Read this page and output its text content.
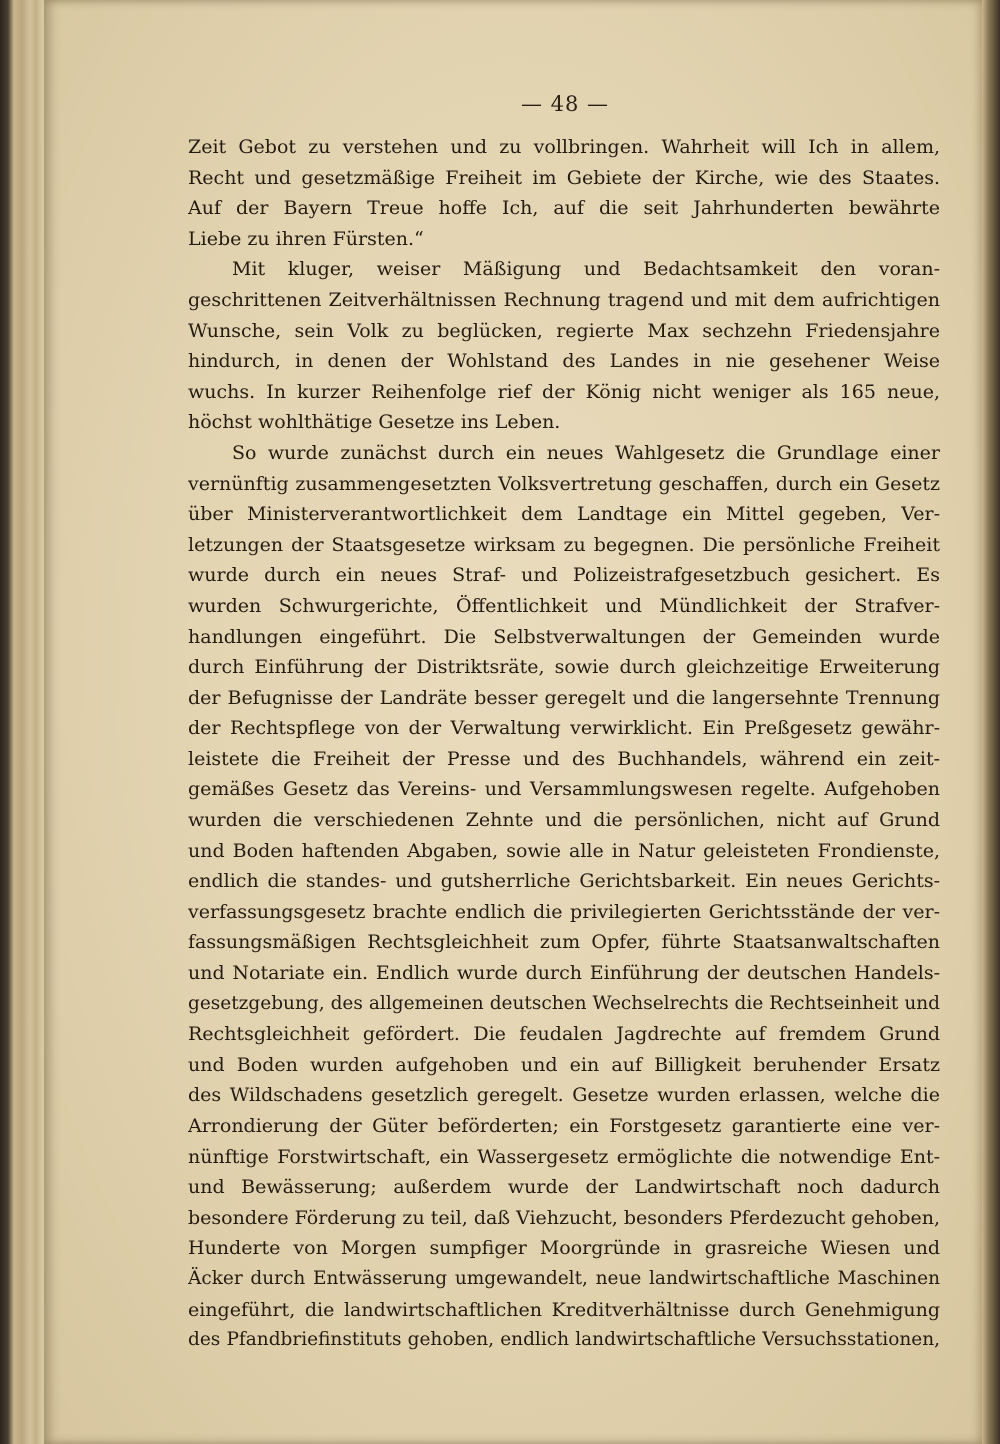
— 48 —
Zeit Gebot zu verstehen und zu vollbringen. Wahrheit will Ich in allem,
Recht und gesetzmäßige Freiheit im Gebiete der Kirche, wie des Staates.
Auf der Bayern Treue hoffe Ich, auf die seit Jahrhunderten bewährte
Liebe zu ihren Fürsten.“
Mit kluger, weiser Mäßigung und Bedachtsamkeit den voran-
geschrittenen Zeitverhältnissen Rechnung tragend und mit dem aufrichtigen
Wunsche, sein Volk zu beglücken, regierte Max sechzehn Friedensjahre
hindurch, in denen der Wohlstand des Landes in nie gesehener Weise
wuchs. In kurzer Reihenfolge rief der König nicht weniger als 165 neue,
höchst wohlthätige Gesetze ins Leben.
So wurde zunächst durch ein neues Wahlgesetz die Grundlage einer
vernünftig zusammengesetzten Volksvertretung geschaffen, durch ein Gesetz
über Ministerverantwortlichkeit dem Landtage ein Mittel gegeben, Ver-
letzungen der Staatsgesetze wirksam zu begegnen. Die persönliche Freiheit
wurde durch ein neues Straf- und Polizeistrafgesetzbuch gesichert. Es
wurden Schwurgerichte, Öffentlichkeit und Mündlichkeit der Strafver-
handlungen eingeführt. Die Selbstverwaltungen der Gemeinden wurde
durch Einführung der Distriktsräte, sowie durch gleichzeitige Erweiterung
der Befugnisse der Landräte besser geregelt und die langersehnte Trennung
der Rechtspflege von der Verwaltung verwirklicht. Ein Preßgesetz gewähr-
leistete die Freiheit der Presse und des Buchhandels, während ein zeit-
gemäßes Gesetz das Vereins- und Versammlungswesen regelte. Aufgehoben
wurden die verschiedenen Zehnte und die persönlichen, nicht auf Grund
und Boden haftenden Abgaben, sowie alle in Natur geleisteten Frondienste,
endlich die standes- und gutsherrliche Gerichtsbarkeit. Ein neues Gerichts-
verfassungsgesetz brachte endlich die privilegierten Gerichtsstände der ver-
fassungsmäßigen Rechtsgleichheit zum Opfer, führte Staatsanwaltschaften
und Notariate ein. Endlich wurde durch Einführung der deutschen Handels-
gesetzgebung, des allgemeinen deutschen Wechselrechts die Rechtseinheit und
Rechtsgleichheit gefördert. Die feudalen Jagdrechte auf fremdem Grund
und Boden wurden aufgehoben und ein auf Billigkeit beruhender Ersatz
des Wildschadens gesetzlich geregelt. Gesetze wurden erlassen, welche die
Arrondierung der Güter beförderten; ein Forstgesetz garantierte eine ver-
nünftige Forstwirtschaft, ein Wassergesetz ermöglichte die notwendige Ent-
und Bewässerung; außerdem wurde der Landwirtschaft noch dadurch
besondere Förderung zu teil, daß Viehzucht, besonders Pferdezucht gehoben,
Hunderte von Morgen sumpfiger Moorgründe in grasreiche Wiesen und
Äcker durch Entwässerung umgewandelt, neue landwirtschaftliche Maschinen
eingeführt, die landwirtschaftlichen Kreditverhältnisse durch Genehmigung
des Pfandbriefinstituts gehoben, endlich landwirtschaftliche Versuchsstationen,
